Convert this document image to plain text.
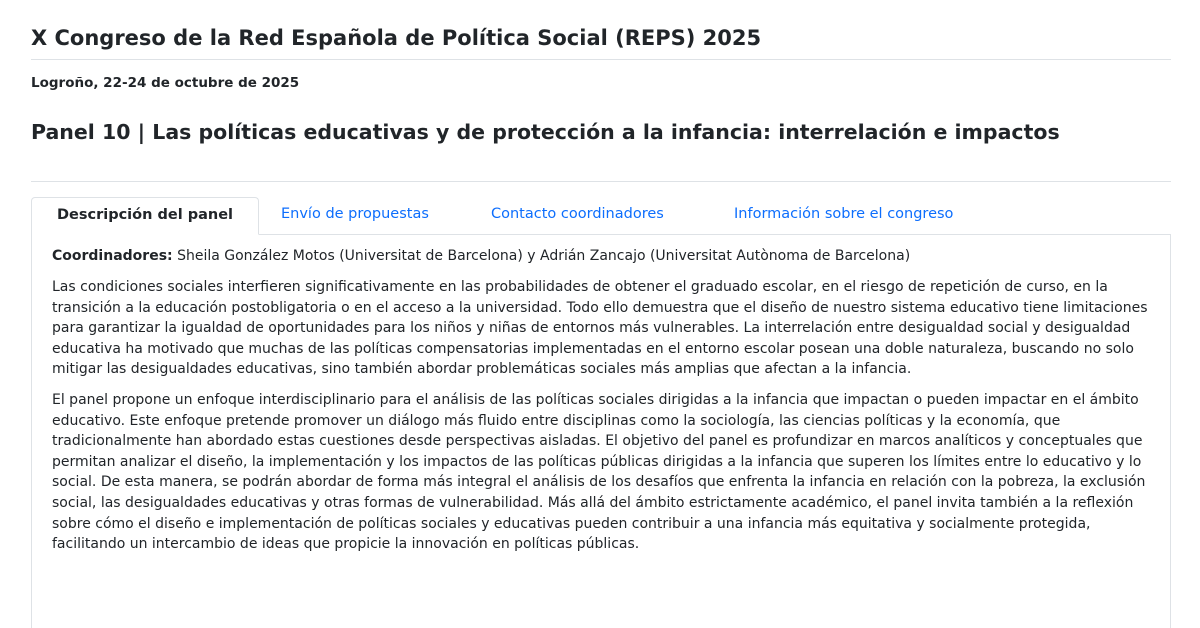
X Congreso de la Red Española de Política Social (REPS) 2025
Logroño, 22-24 de octubre de 2025
Panel 10 | Las políticas educativas y de protección a la infancia: interrelación e impactos
Descripción del panel	Envío de propuestas	Contacto coordinadores	Información sobre el congreso

Coordinadores: Sheila González Motos (Universitat de Barcelona) y Adrián Zancajo (Universitat Autònoma de Barcelona)

Las condiciones sociales interfieren significativamente en las probabilidades de obtener el graduado escolar, en el riesgo de repetición de curso, en la transición a la educación postobligatoria o en el acceso a la universidad. Todo ello demuestra que el diseño de nuestro sistema educativo tiene limitaciones para garantizar la igualdad de oportunidades para los niños y niñas de entornos más vulnerables. La interrelación entre desigualdad social y desigualdad educativa ha motivado que muchas de las políticas compensatorias implementadas en el entorno escolar posean una doble naturaleza, buscando no solo mitigar las desigualdades educativas, sino también abordar problemáticas sociales más amplias que afectan a la infancia.

El panel propone un enfoque interdisciplinario para el análisis de las políticas sociales dirigidas a la infancia que impactan o pueden impactar en el ámbito educativo. Este enfoque pretende promover un diálogo más fluido entre disciplinas como la sociología, las ciencias políticas y la economía, que tradicionalmente han abordado estas cuestiones desde perspectivas aisladas. El objetivo del panel es profundizar en marcos analíticos y conceptuales que permitan analizar el diseño, la implementación y los impactos de las políticas públicas dirigidas a la infancia que superen los límites entre lo educativo y lo social. De esta manera, se podrán abordar de forma más integral el análisis de los desafíos que enfrenta la infancia en relación con la pobreza, la exclusión social, las desigualdades educativas y otras formas de vulnerabilidad. Más allá del ámbito estrictamente académico, el panel invita también a la reflexión sobre cómo el diseño e implementación de políticas sociales y educativas pueden contribuir a una infancia más equitativa y socialmente protegida, facilitando un intercambio de ideas que propicie la innovación en políticas públicas.
